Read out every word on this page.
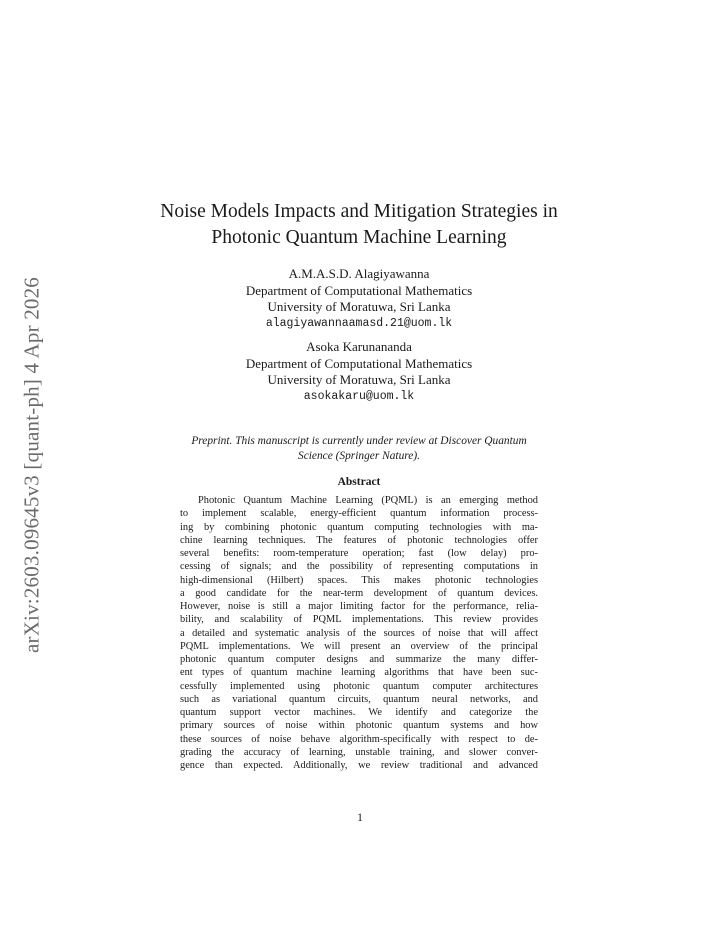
arXiv:2603.09645v3 [quant-ph] 4 Apr 2026
Noise Models Impacts and Mitigation Strategies in
Photonic Quantum Machine Learning
A.M.A.S.D. Alagiyawanna
Department of Computational Mathematics
University of Moratuwa, Sri Lanka
alagiyawannaamasd.21@uom.lk
Asoka Karunananda
Department of Computational Mathematics
University of Moratuwa, Sri Lanka
asokakaru@uom.lk
Preprint. This manuscript is currently under review at Discover Quantum
Science (Springer Nature).
Abstract
Photonic Quantum Machine Learning (PQML) is an emerging method
to implement scalable, energy-efficient quantum information process-
ing by combining photonic quantum computing technologies with ma-
chine learning techniques. The features of photonic technologies offer
several benefits: room-temperature operation; fast (low delay) pro-
cessing of signals; and the possibility of representing computations in
high-dimensional (Hilbert) spaces. This makes photonic technologies
a good candidate for the near-term development of quantum devices.
However, noise is still a major limiting factor for the performance, relia-
bility, and scalability of PQML implementations. This review provides
a detailed and systematic analysis of the sources of noise that will affect
PQML implementations. We will present an overview of the principal
photonic quantum computer designs and summarize the many differ-
ent types of quantum machine learning algorithms that have been suc-
cessfully implemented using photonic quantum computer architectures
such as variational quantum circuits, quantum neural networks, and
quantum support vector machines. We identify and categorize the
primary sources of noise within photonic quantum systems and how
these sources of noise behave algorithm-specifically with respect to de-
grading the accuracy of learning, unstable training, and slower conver-
gence than expected. Additionally, we review traditional and advanced
1
